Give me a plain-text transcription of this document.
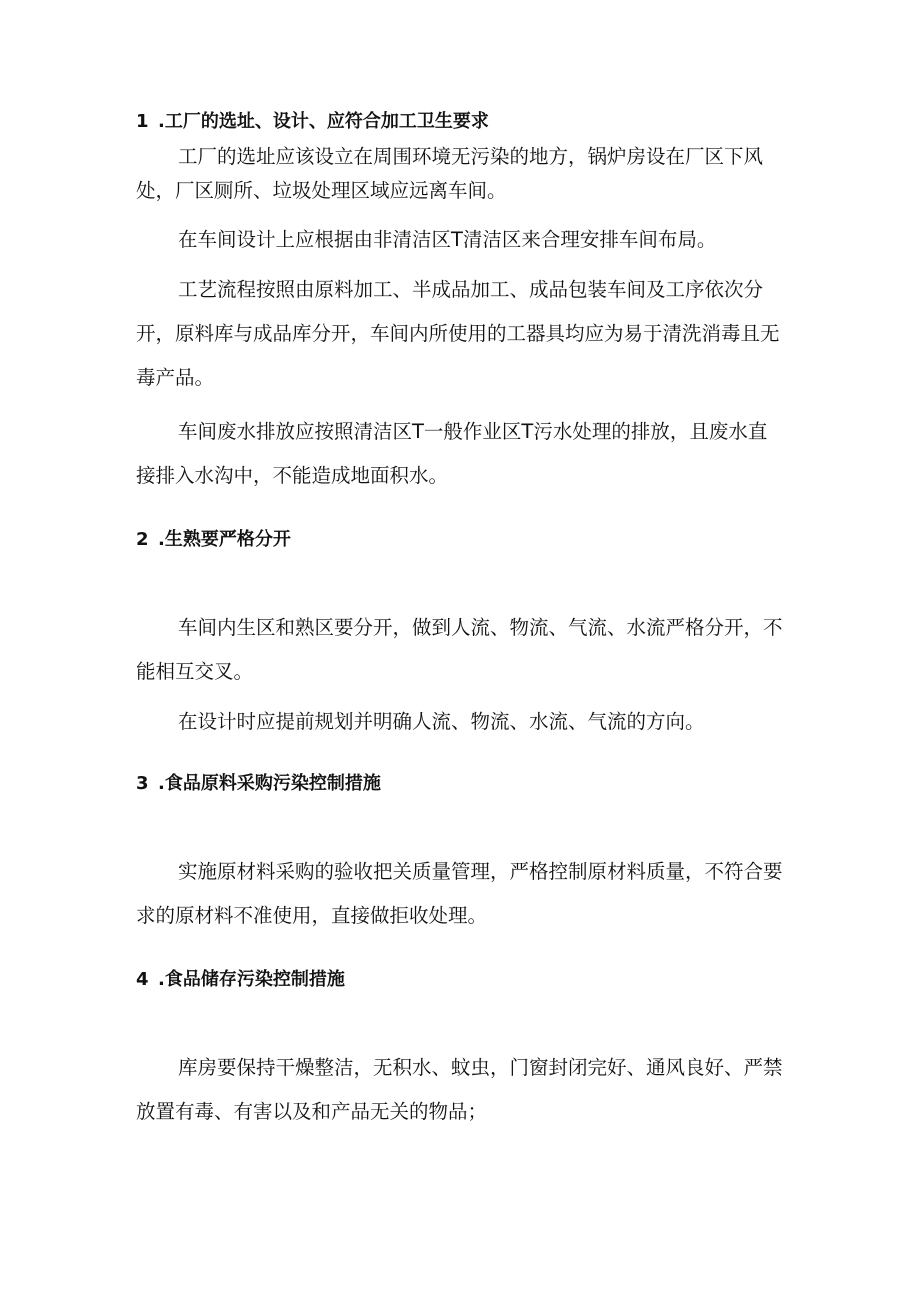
1 .工厂的选址、设计、应符合加工卫生要求

工厂的选址应该设立在周围环境无污染的地方，锅炉房设在厂区下风处，厂区厕所、垃圾处理区域应远离车间。

在车间设计上应根据由非清洁区T清洁区来合理安排车间布局。

工艺流程按照由原料加工、半成品加工、成品包装车间及工序依次分开，原料库与成品库分开，车间内所使用的工器具均应为易于清洗消毒且无毒产品。

车间废水排放应按照清洁区T一般作业区T污水处理的排放，且废水直接排入水沟中，不能造成地面积水。

2 .生熟要严格分开

车间内生区和熟区要分开，做到人流、物流、气流、水流严格分开，不能相互交叉。

在设计时应提前规划并明确人流、物流、水流、气流的方向。

3 .食品原料采购污染控制措施

实施原材料采购的验收把关质量管理，严格控制原材料质量，不符合要求的原材料不准使用，直接做拒收处理。

4 .食品储存污染控制措施

库房要保持干燥整洁，无积水、蚊虫，门窗封闭完好、通风良好、严禁放置有毒、有害以及和产品无关的物品；
